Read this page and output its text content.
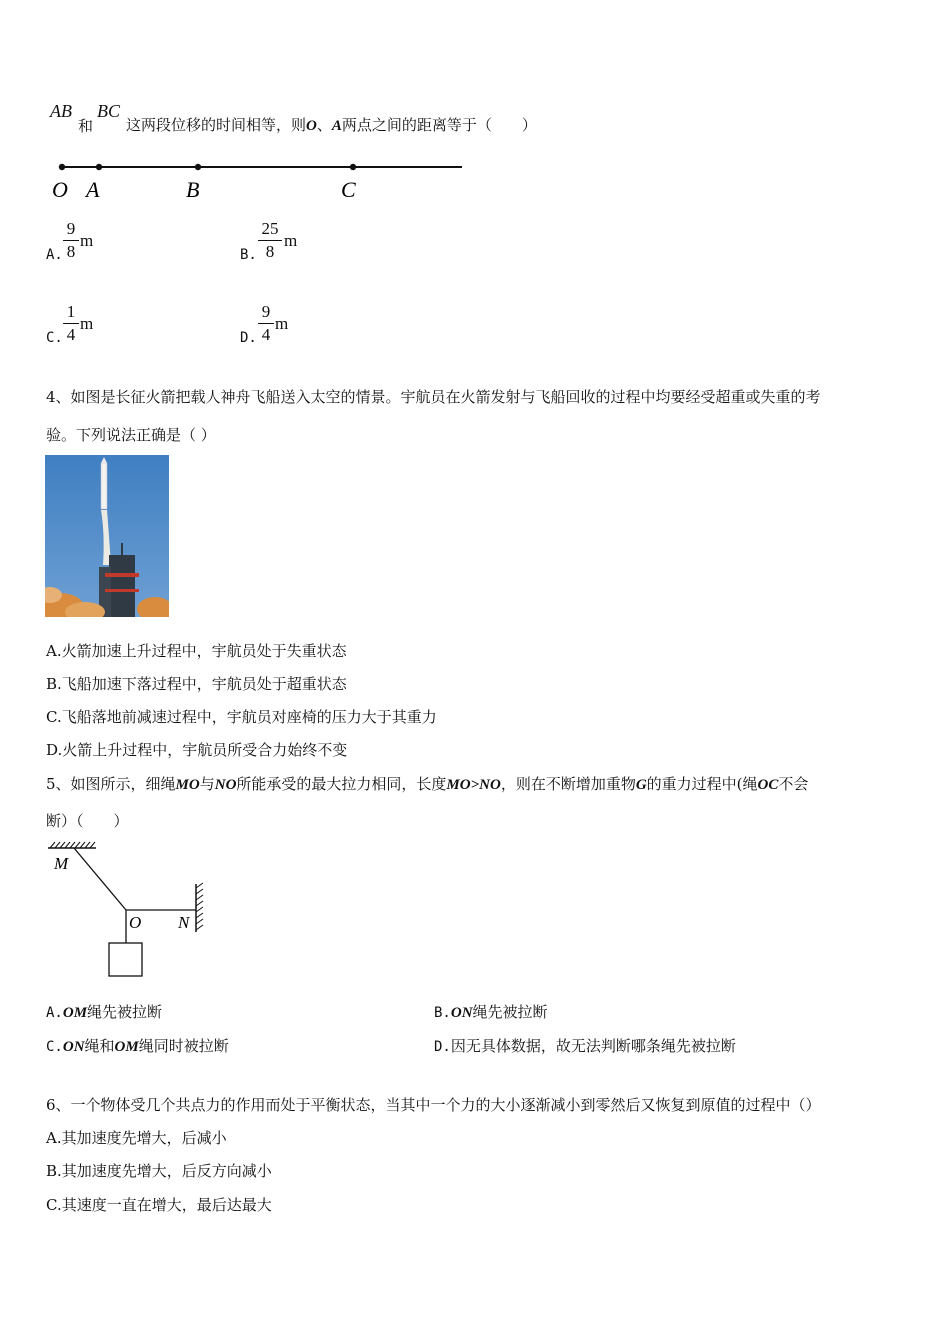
AB
和
BC
这两段位移的时间相等，则O、A两点之间的距离等于（　　）
O A	B	C
A.
9
8
m
B.
25
8
m
C.
1
4
m
D.
9
4
m
4、如图是长征火箭把载人神舟飞船送入太空的情景。宇航员在火箭发射与飞船回收的过程中均要经受超重或失重的考
验。下列说法正确是（ ）
A.火箭加速上升过程中，宇航员处于失重状态
B.飞船加速下落过程中，宇航员处于超重状态
C.飞船落地前减速过程中，宇航员对座椅的压力大于其重力
D.火箭上升过程中，宇航员所受合力始终不变
5、如图所示，细绳MO与NO所能承受的最大拉力相同，长度MO>NO，则在不断增加重物G的重力过程中(绳OC不会
断）（　　）
M
O N
A.OM绳先被拉断	B.ON绳先被拉断
C.ON绳和OM绳同时被拉断	D.因无具体数据，故无法判断哪条绳先被拉断
6、一个物体受几个共点力的作用而处于平衡状态，当其中一个力的大小逐渐减小到零然后又恢复到原值的过程中（）
A.其加速度先增大，后减小
B.其加速度先增大，后反方向减小
C.其速度一直在增大，最后达最大
